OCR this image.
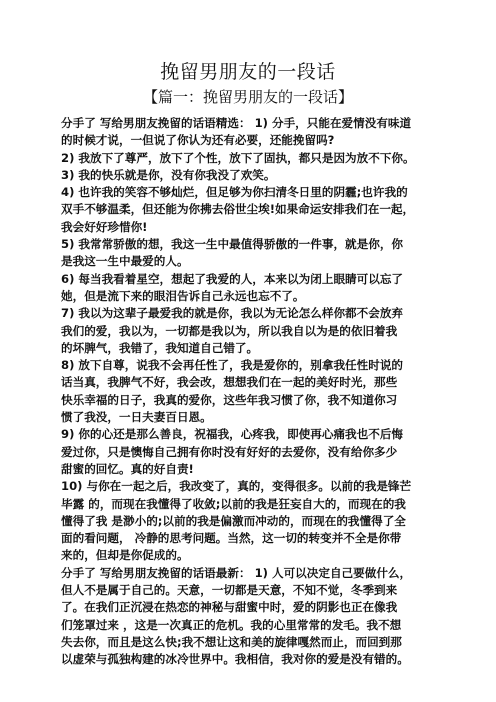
挽留男朋友的一段话
【篇一：挽留男朋友的一段话】
分手了 写给男朋友挽留的话语精选： 1) 分手，只能在爱情没有味道
的时候才说，一但说了你认为还有必要，还能挽留吗?
2) 我放下了尊严，放下了个性，放下了固执，都只是因为放不下你。
3) 我的快乐就是你，没有你我没了欢笑。
4) 也许我的笑容不够灿烂，但足够为你扫清冬日里的阴霾;也许我的
双手不够温柔，但还能为你拂去俗世尘埃!如果命运安排我们在一起，
我会好好珍惜你!
5) 我常常骄傲的想，我这一生中最值得骄傲的一件事，就是你，你
是我这一生中最爱的人。
6) 每当我看着星空，想起了我爱的人，本来以为闭上眼睛可以忘了
她，但是流下来的眼泪告诉自己永远也忘不了。
7) 我以为这辈子最爱我的就是你，我以为无论怎么样你都不会放弃
我们的爱，我以为，一切都是我以为，所以我自以为是的依旧着我
的坏脾气，我错了，我知道自己错了。
8) 放下自尊，说我不会再任性了，我是爱你的，别拿我任性时说的
话当真，我脾气不好，我会改，想想我们在一起的美好时光，那些
快乐幸福的日子，我真的爱你，这些年我习惯了你，我不知道你习
惯了我没，一日夫妻百日恩。
9) 你的心还是那么善良，祝福我，心疼我，即使再心痛我也不后悔
爱过你，只是懊悔自己拥有你时没有好好的去爱你，没有给你多少
甜蜜的回忆。真的好自责!
10) 与你在一起之后，我改变了，真的，变得很多。以前的我是锋芒
毕露 的，而现在我懂得了收敛;以前的我是狂妄自大的，而现在的我
懂得了我 是渺小的;以前的我是偏激而冲动的，而现在的我懂得了全
面的看问题， 冷静的思考问题。当然，这一切的转变并不全是你带
来的，但却是你促成的。
分手了 写给男朋友挽留的话语最新： 1) 人可以决定自己要做什么，
但人不是属于自己的。天意，一切都是天意，不知不觉，冬季到来
了。在我们正沉浸在热恋的神秘与甜蜜中时，爱的阴影也正在像我
们笼罩过来 ，这是一次真正的危机。我的心里常常的发毛。我不想
失去你，而且是这么快;我不想让这和美的旋律嘎然而止，而回到那
以虚荣与孤独构建的冰冷世界中。我相信，我对你的爱是没有错的。
